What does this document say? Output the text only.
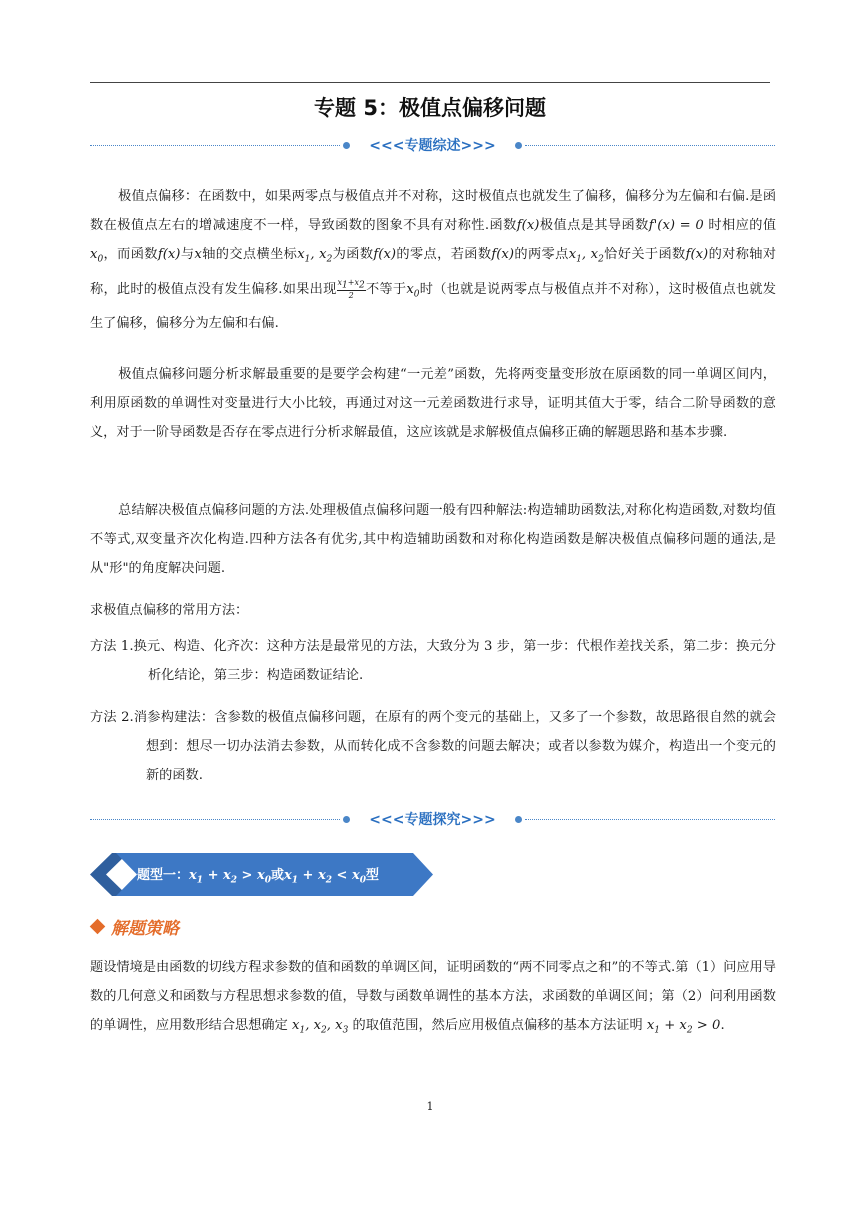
专题 5：极值点偏移问题
<<<专题综述>>>
极值点偏移：在函数中，如果两零点与极值点并不对称，这时极值点也就发生了偏移，偏移分为左偏和右偏.是函数在极值点左右的增减速度不一样，导致函数的图象不具有对称性.函数f(x)极值点是其导函数f'(x) = 0 时相应的值$x_0$，而函数f(x)与x轴的交点横坐标$x_1$, $x_2$为函数f(x)的零点，若函数f(x)的两零点$x_1$, $x_2$恰好关于函数f(x)的对称轴对称，此时的极值点没有发生偏移.如果出现 $\frac{x_1+x_2}{2}$ 不等于$x_0$时（也就是说两零点与极值点并不对称），这时极值点也就发生了偏移，偏移分为左偏和右偏.
极值点偏移问题分析求解最重要的是要学会构建“一元差”函数，先将两变量变形放在原函数的同一单调区间内，利用原函数的单调性对变量进行大小比较，再通过对这一元差函数进行求导，证明其值大于零，结合二阶导函数的意义，对于一阶导函数是否存在零点进行分析求解最值，这应该就是求解极值点偏移正确的解题思路和基本步骤.
总结解决极值点偏移问题的方法.处理极值点偏移问题一般有四种解法:构造辅助函数法,对称化构造函数,对数均值不等式,双变量齐次化构造.四种方法各有优劣,其中构造辅助函数和对称化构造函数是解决极值点偏移问题的通法,是从"形"的角度解决问题.
求极值点偏移的常用方法：
方法 1.换元、构造、化齐次：这种方法是最常见的方法，大致分为 3 步，第一步：代根作差找关系，第二步：换元分析化结论，第三步：构造函数证结论.
方法 2.消参构建法：含参数的极值点偏移问题，在原有的两个变元的基础上，又多了一个参数，故思路很自然的就会想到：想尽一切办法消去参数，从而转化成不含参数的问题去解决；或者以参数为媒介，构造出一个变元的新的函数.
<<<专题探究>>>
题型一：$x_1 + x_2 > x_0$或$x_1 + x_2 < x_0$型
解题策略
题设情境是由函数的切线方程求参数的值和函数的单调区间，证明函数的“两不同零点之和”的不等式.第（1）问应用导数的几何意义和函数与方程思想求参数的值，导数与函数单调性的基本方法，求函数的单调区间；第（2）问利用函数的单调性，应用数形结合思想确定 $x_1$, $x_2$, $x_3$ 的取值范围，然后应用极值点偏移的基本方法证明 $x_1 + x_2 > 0$.
1
